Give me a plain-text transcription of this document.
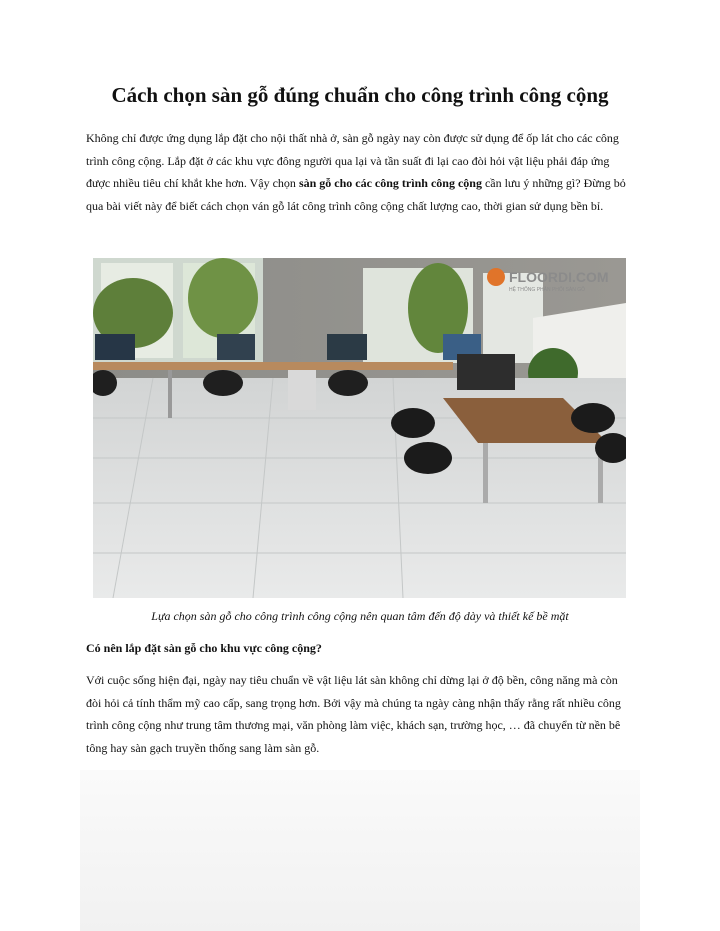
Cách chọn sàn gỗ đúng chuẩn cho công trình công cộng

Không chỉ được ứng dụng lắp đặt cho nội thất nhà ở, sàn gỗ ngày nay còn được sử dụng để ốp lát cho các công trình công cộng. Lắp đặt ở các khu vực đông người qua lại và tần suất đi lại cao đòi hỏi vật liệu phải đáp ứng được nhiều tiêu chí khắt khe hơn. Vậy chọn sàn gỗ cho các công trình công cộng cần lưu ý những gì? Đừng bỏ qua bài viết này để biết cách chọn ván gỗ lát công trình công cộng chất lượng cao, thời gian sử dụng bền bỉ.

FLOORDI.COM
HỆ THỐNG PHÂN PHỐI SÀN GỖ

Lựa chọn sàn gỗ cho công trình công cộng nên quan tâm đến độ dày và thiết kế bề mặt

Có nên lắp đặt sàn gỗ cho khu vực công cộng?

Với cuộc sống hiện đại, ngày nay tiêu chuẩn về vật liệu lát sàn không chỉ dừng lại ở độ bền, công năng mà còn đòi hỏi cả tính thẩm mỹ cao cấp, sang trọng hơn. Bởi vậy mà chúng ta ngày càng nhận thấy rằng rất nhiều công trình công cộng như trung tâm thương mại, văn phòng làm việc, khách sạn, trường học, … đã chuyển từ nền bê tông hay sàn gạch truyền thống sang làm sàn gỗ.
